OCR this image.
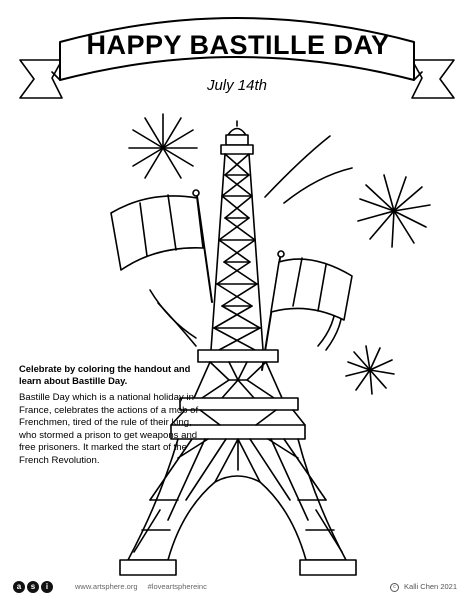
HAPPY BASTILLE DAY
July 14th
Celebrate by coloring the handout and learn about Bastille Day.
Bastille Day which is a national holiday in France, celebrates the actions of a mob of Frenchmen, tired of the rule of their king, who stormed a prison to get weapons and free prisoners. It marked the start of the French Revolution.
a	s	i	www.artsphere.org #loveartsphereinc	c Kalli Chen 2021
